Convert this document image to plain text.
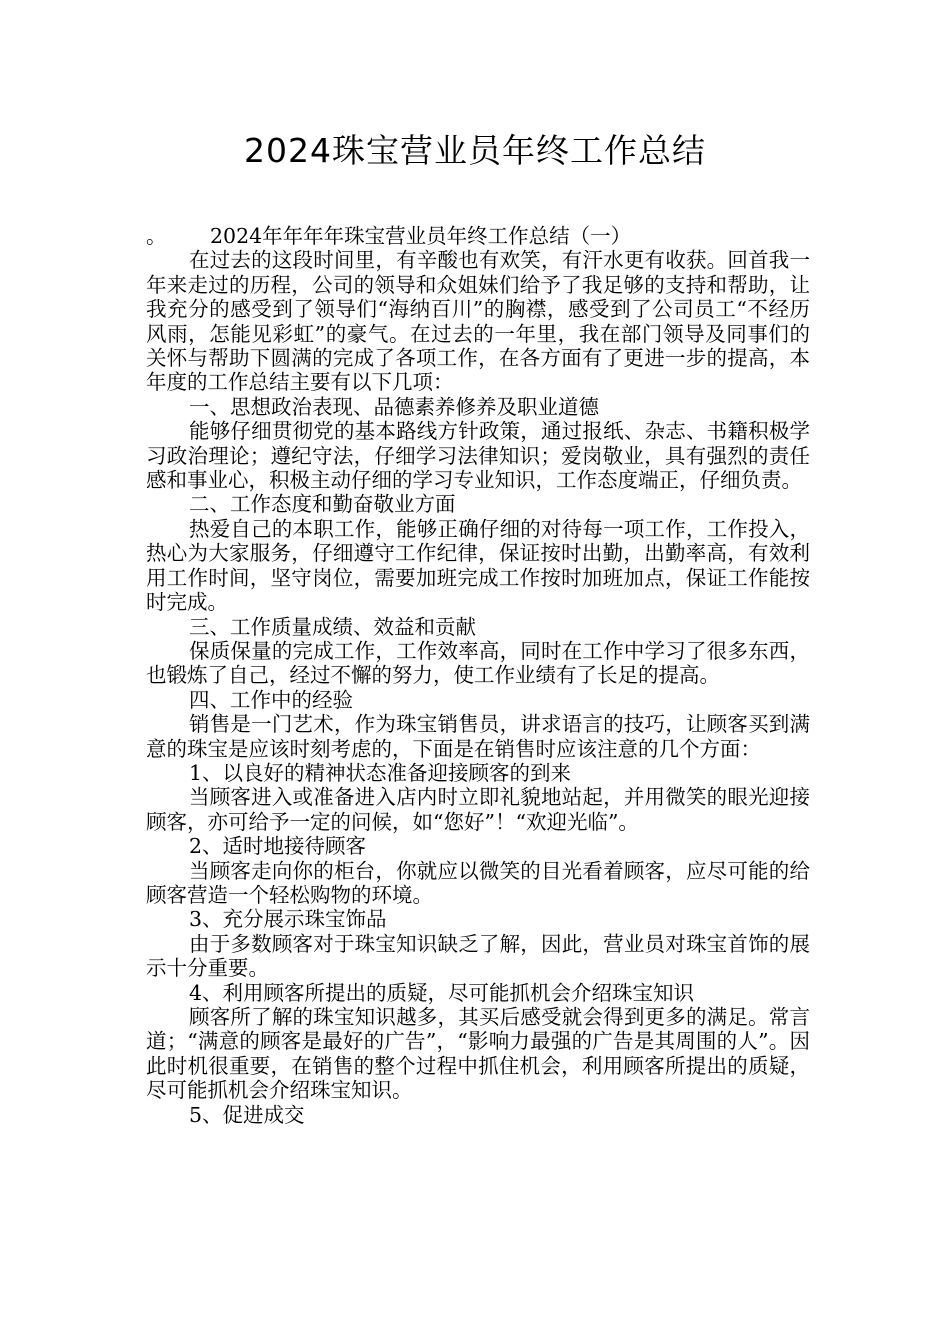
2024珠宝营业员年终工作总结

。 2024年年年年珠宝营业员年终工作总结（一）

在过去的这段时间里，有辛酸也有欢笑，有汗水更有收获。回首我一年来走过的历程，公司的领导和众姐妹们给予了我足够的支持和帮助，让我充分的感受到了领导们“海纳百川”的胸襟，感受到了公司员工“不经历风雨，怎能见彩虹”的豪气。在过去的一年里，我在部门领导及同事们的关怀与帮助下圆满的完成了各项工作，在各方面有了更进一步的提高，本年度的工作总结主要有以下几项：

一、思想政治表现、品德素养修养及职业道德

能够仔细贯彻党的基本路线方针政策，通过报纸、杂志、书籍积极学习政治理论；遵纪守法，仔细学习法律知识；爱岗敬业，具有强烈的责任感和事业心，积极主动仔细的学习专业知识，工作态度端正，仔细负责。

二、工作态度和勤奋敬业方面

热爱自己的本职工作，能够正确仔细的对待每一项工作，工作投入，热心为大家服务，仔细遵守工作纪律，保证按时出勤，出勤率高，有效利用工作时间，坚守岗位，需要加班完成工作按时加班加点，保证工作能按时完成。

三、工作质量成绩、效益和贡献

保质保量的完成工作，工作效率高，同时在工作中学习了很多东西，也锻炼了自己，经过不懈的努力，使工作业绩有了长足的提高。

四、工作中的经验

销售是一门艺术，作为珠宝销售员，讲求语言的技巧，让顾客买到满意的珠宝是应该时刻考虑的，下面是在销售时应该注意的几个方面：

1、以良好的精神状态准备迎接顾客的到来

当顾客进入或准备进入店内时立即礼貌地站起，并用微笑的眼光迎接顾客，亦可给予一定的问候，如“您好”！“欢迎光临”。

2、适时地接待顾客

当顾客走向你的柜台，你就应以微笑的目光看着顾客，应尽可能的给顾客营造一个轻松购物的环境。

3、充分展示珠宝饰品

由于多数顾客对于珠宝知识缺乏了解，因此，营业员对珠宝首饰的展示十分重要。

4、利用顾客所提出的质疑，尽可能抓机会介绍珠宝知识

顾客所了解的珠宝知识越多，其买后感受就会得到更多的满足。常言道；“满意的顾客是最好的广告”，“影响力最强的广告是其周围的人”。因此时机很重要，在销售的整个过程中抓住机会，利用顾客所提出的质疑，尽可能抓机会介绍珠宝知识。

5、促进成交
